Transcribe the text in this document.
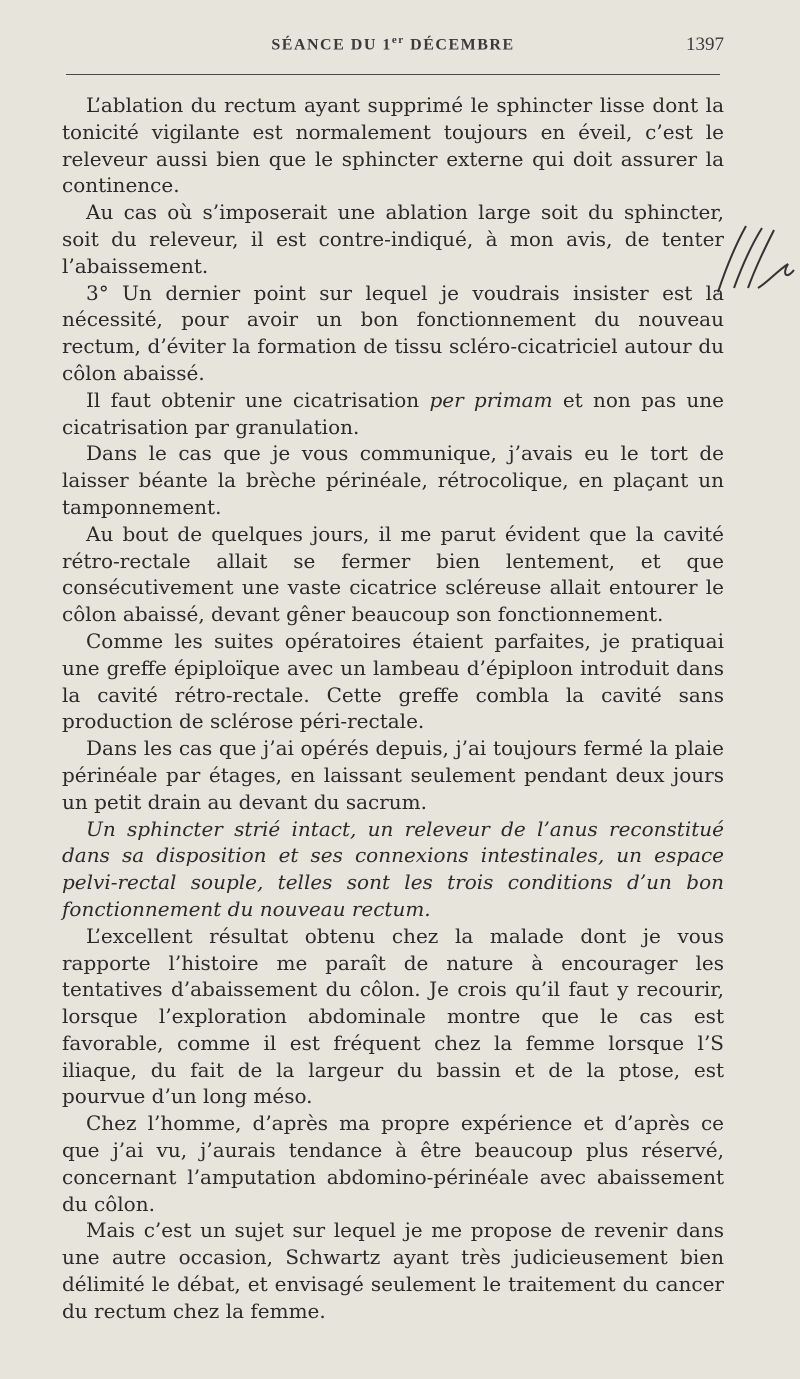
SÉANCE DU 1er DÉCEMBRE	1397

L’ablation du rectum ayant supprimé le sphincter lisse dont la tonicité vigilante est normalement toujours en éveil, c’est le releveur aussi bien que le sphincter externe qui doit assurer la continence.

Au cas où s’imposerait une ablation large soit du sphincter, soit du releveur, il est contre-indiqué, à mon avis, de tenter l’abaissement.

3° Un dernier point sur lequel je voudrais insister est la nécessité, pour avoir un bon fonctionnement du nouveau rectum, d’éviter la formation de tissu scléro-cicatriciel autour du côlon abaissé.

Il faut obtenir une cicatrisation per primam et non pas une cicatrisation par granulation.

Dans le cas que je vous communique, j’avais eu le tort de laisser béante la brèche périnéale, rétrocolique, en plaçant un tamponnement.

Au bout de quelques jours, il me parut évident que la cavité rétro-rectale allait se fermer bien lentement, et que consécutivement une vaste cicatrice scléreuse allait entourer le côlon abaissé, devant gêner beaucoup son fonctionnement.

Comme les suites opératoires étaient parfaites, je pratiquai une greffe épiploïque avec un lambeau d’épiploon introduit dans la cavité rétro-rectale. Cette greffe combla la cavité sans production de sclérose péri-rectale.

Dans les cas que j’ai opérés depuis, j’ai toujours fermé la plaie périnéale par étages, en laissant seulement pendant deux jours un petit drain au devant du sacrum.

Un sphincter strié intact, un releveur de l’anus reconstitué dans sa disposition et ses connexions intestinales, un espace pelvi-rectal souple, telles sont les trois conditions d’un bon fonctionnement du nouveau rectum.

L’excellent résultat obtenu chez la malade dont je vous rapporte l’histoire me paraît de nature à encourager les tentatives d’abaissement du côlon. Je crois qu’il faut y recourir, lorsque l’exploration abdominale montre que le cas est favorable, comme il est fréquent chez la femme lorsque l’S iliaque, du fait de la largeur du bassin et de la ptose, est pourvue d’un long méso.

Chez l’homme, d’après ma propre expérience et d’après ce que j’ai vu, j’aurais tendance à être beaucoup plus réservé, concernant l’amputation abdomino-périnéale avec abaissement du côlon.

Mais c’est un sujet sur lequel je me propose de revenir dans une autre occasion, Schwartz ayant très judicieusement bien délimité le débat, et envisagé seulement le traitement du cancer du rectum chez la femme.
